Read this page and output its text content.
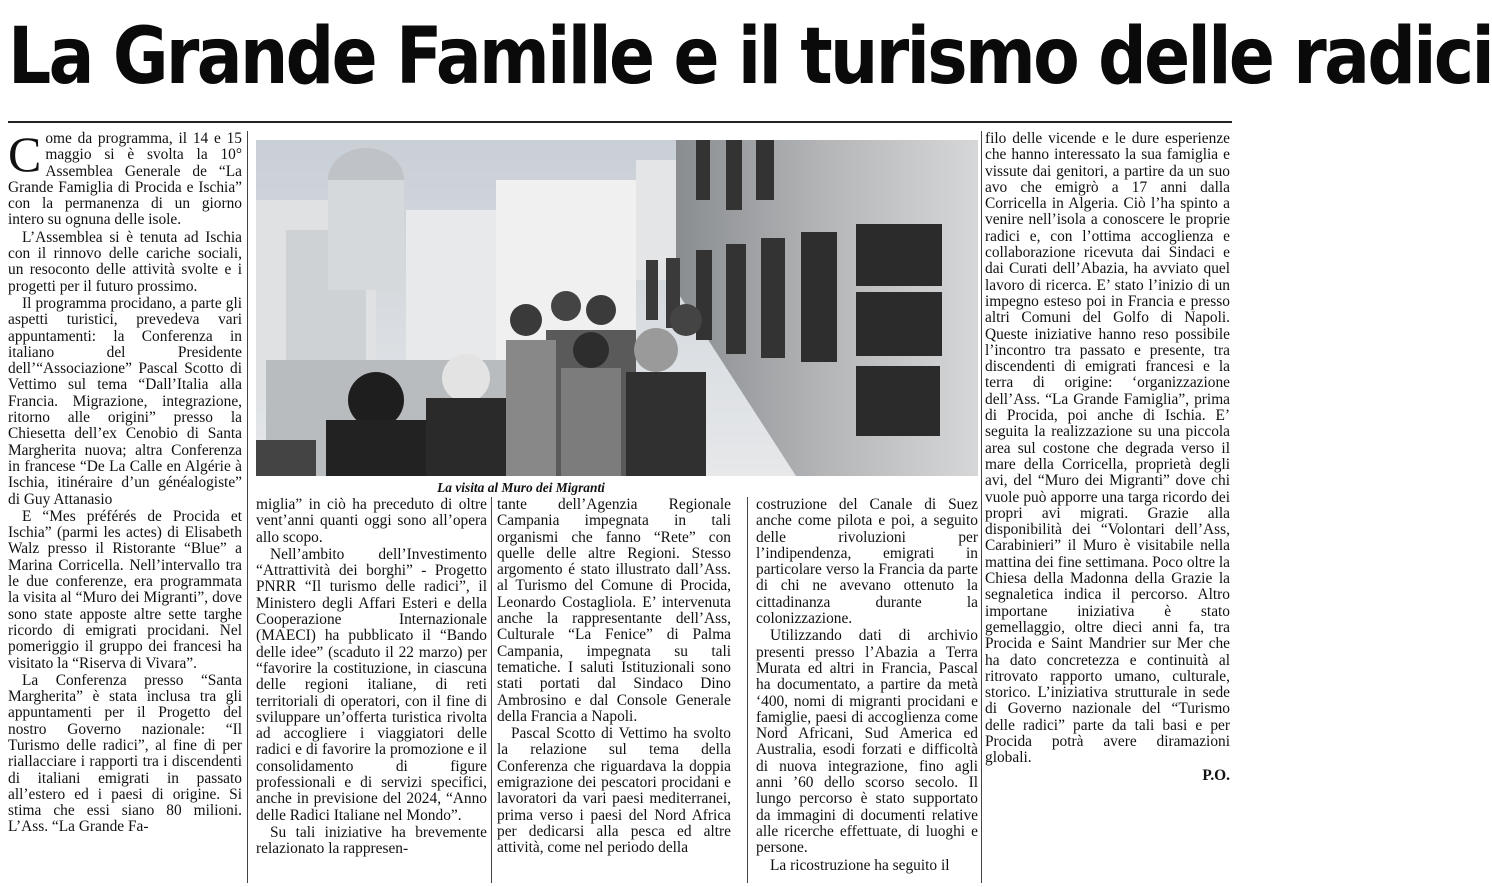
La Grande Famille e il turismo delle radici

Come da programma, il 14 e 15 maggio si è svolta la 10° Assemblea Generale de “La Grande Famiglia di Procida e Ischia” con la permanenza di un giorno intero su ognuna delle isole.

L’Assemblea si è tenuta ad Ischia con il rinnovo delle cariche sociali, un resoconto delle attività svolte e i progetti per il futuro prossimo.

Il programma procidano, a parte gli aspetti turistici, prevedeva vari appuntamenti: la Conferenza in italiano del Presidente dell’“Associazione” Pascal Scotto di Vettimo sul tema “Dall’Italia alla Francia. Migrazione, integrazione, ritorno alle origini” presso la Chiesetta dell’ex Cenobio di Santa Margherita nuova; altra Conferenza in francese “De La Calle en Algérie à Ischia, itinéraire d’un généalogiste” di Guy Attanasio

E “Mes préférés de Procida et Ischia” (parmi les actes) di Elisabeth Walz presso il Ristorante “Blue” a Marina Corricella. Nell’intervallo tra le due conferenze, era programmata la visita al “Muro dei Migranti”, dove sono state apposte altre sette targhe ricordo di emigrati procidani. Nel pomeriggio il gruppo dei francesi ha visitato la “Riserva di Vivara”.

La Conferenza presso “Santa Margherita” è stata inclusa tra gli appuntamenti per il Progetto del nostro Governo nazionale: “Il Turismo delle radici”, al fine di per riallacciare i rapporti tra i discendenti di italiani emigrati in passato all’estero ed i paesi di origine. Si stima che essi siano 80 milioni. L’Ass. “La Grande Fa-

La visita al Muro dei Migranti

miglia” in ciò ha preceduto di oltre vent’anni quanti oggi sono all’opera allo scopo.

Nell’ambito dell’Investimento “Attrattività dei borghi” - Progetto PNRR “Il turismo delle radici”, il Ministero degli Affari Esteri e della Cooperazione Internazionale (MAECI) ha pubblicato il “Bando delle idee” (scaduto il 22 marzo) per “favorire la costituzione, in ciascuna delle regioni italiane, di reti territoriali di operatori, con il fine di sviluppare un’offerta turistica rivolta ad accogliere i viaggiatori delle radici e di favorire la promozione e il consolidamento di figure professionali e di servizi specifici, anche in previsione del 2024, “Anno delle Radici Italiane nel Mondo”.

Su tali iniziative ha brevemente relazionato la rappresen-

tante dell’Agenzia Regionale Campania impegnata in tali organismi che fanno “Rete” con quelle delle altre Regioni. Stesso argomento é stato illustrato dall’Ass. al Turismo del Comune di Procida, Leonardo Costagliola. E’ intervenuta anche la rappresentante dell’Ass, Culturale “La Fenice” di Palma Campania, impegnata su tali tematiche. I saluti Istituzionali sono stati portati dal Sindaco Dino Ambrosino e dal Console Generale della Francia a Napoli.

Pascal Scotto di Vettimo ha svolto la relazione sul tema della Conferenza che riguardava la doppia emigrazione dei pescatori procidani e lavoratori da vari paesi mediterranei, prima verso i paesi del Nord Africa per dedicarsi alla pesca ed altre attività, come nel periodo della

costruzione del Canale di Suez anche come pilota e poi, a seguito delle rivoluzioni per l’indipendenza, emigrati in particolare verso la Francia da parte di chi ne avevano ottenuto la cittadinanza durante la colonizzazione.

Utilizzando dati di archivio presenti presso l’Abazia a Terra Murata ed altri in Francia, Pascal ha documentato, a partire da metà ‘400, nomi di migranti procidani e famiglie, paesi di accoglienza come Nord Africani, Sud America ed Australia, esodi forzati e difficoltà di nuova integrazione, fino agli anni ’60 dello scorso secolo. Il lungo percorso è stato supportato da immagini di documenti relative alle ricerche effettuate, di luoghi e persone.

La ricostruzione ha seguito il

filo delle vicende e le dure esperienze che hanno interessato la sua famiglia e vissute dai genitori, a partire da un suo avo che emigrò a 17 anni dalla Corricella in Algeria. Ciò l’ha spinto a venire nell’isola a conoscere le proprie radici e, con l’ottima accoglienza e collaborazione ricevuta dai Sindaci e dai Curati dell’Abazia, ha avviato quel lavoro di ricerca. E’ stato l’inizio di un impegno esteso poi in Francia e presso altri Comuni del Golfo di Napoli. Queste iniziative hanno reso possibile l’incontro tra passato e presente, tra discendenti di emigrati francesi e la terra di origine: ‘organizzazione dell’Ass. “La Grande Famiglia”, prima di Procida, poi anche di Ischia. E’ seguita la realizzazione su una piccola area sul costone che degrada verso il mare della Corricella, proprietà degli avi, del “Muro dei Migranti” dove chi vuole può apporre una targa ricordo dei propri avi migrati. Grazie alla disponibilità dei “Volontari dell’Ass, Carabinieri” il Muro è visitabile nella mattina dei fine settimana. Poco oltre la Chiesa della Madonna della Grazie la segnaletica indica il percorso. Altro importane iniziativa è stato gemellaggio, oltre dieci anni fa, tra Procida e Saint Mandrier sur Mer che ha dato concretezza e continuità al ritrovato rapporto umano, culturale, storico. L’iniziativa strutturale in sede di Governo nazionale del “Turismo delle radici” parte da tali basi e per Procida potrà avere diramazioni globali.

P.O.
